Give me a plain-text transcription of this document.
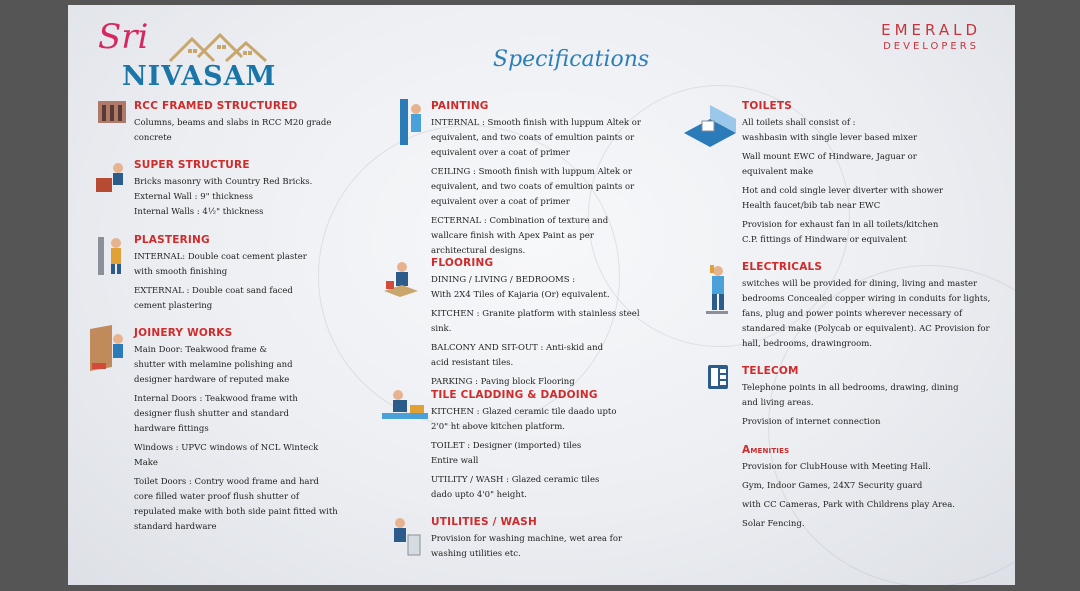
Sri
NIVASAM
EMERALD
DEVELOPERS
Specifications
RCC FRAMED STRUCTURED

Columns, beams and slabs in RCC M20 grade concrete

SUPER STRUCTURE

Bricks masonry with Country Red Bricks.
External Wall : 9" thickness
Internal Walls : 4½" thickness

PLASTERING

INTERNAL: Double coat cement plaster with smooth finishing

EXTERNAL : Double coat sand faced cement plastering

JOINERY WORKS

Main Door: Teakwood frame & shutter with melamine polishing and designer hardware of reputed make

Internal Doors : Teakwood frame with designer flush shutter and standard hardware fittings

Windows : UPVC windows of NCL Winteck Make

Toilet Doors : Contry wood frame and hard core filled water proof flush shutter of repulated make with both side paint fitted with standard hardware

PAINTING

INTERNAL : Smooth finish with luppum Altek or equivalent, and two coats of emultion paints or equivalent over a coat of primer

CEILING : Smooth finish with luppum Altek or equivalent, and two coats of emultion paints or equivalent over a coat of primer

ECTERNAL : Combination of texture and wallcare finish with Apex Paint as per architectural designs.

FLOORING

DINING / LIVING / BEDROOMS :
With 2X4 Tiles of Kajaria (Or) equivalent.

KITCHEN : Granite platform with stainless steel sink.

BALCONY AND SIT-OUT : Anti-skid and acid resistant tiles.

PARKING : Paving block Flooring

TILE CLADDING & DADOING

KITCHEN : Glazed ceramic tile daado upto 2'0" ht above kitchen platform.

TOILET : Designer (imported) tiles
Entire wall

UTILITY / WASH : Glazed ceramic tiles dado upto 4'0" height.

UTILITIES / WASH

Provision for washing machine, wet area for washing utilities etc.

TOILETS

All toilets shall consist of :
washbasin with single lever based mixer

Wall mount EWC of Hindware, Jaguar or equivalent make

Hot and cold single lever diverter with shower
Health faucet/bib tab near EWC

Provision for exhaust fan in all toilets/kitchen
C.P. fittings of Hindware or equivalent

ELECTRICALS

switches will be provided for dining, living and master bedrooms Concealed copper wiring in conduits for lights, fans, plug and power points wherever necessary of standared make (Polycab or equivalent). AC Provision for hall, bedrooms, drawingroom.

TELECOM

Telephone points in all bedrooms, drawing, dining and living areas.

Provision of internet connection

Amenities

Provision for ClubHouse with Meeting Hall.

Gym, Indoor Games, 24X7 Security guard

with CC Cameras, Park with Childrens play Area.

Solar Fencing.
